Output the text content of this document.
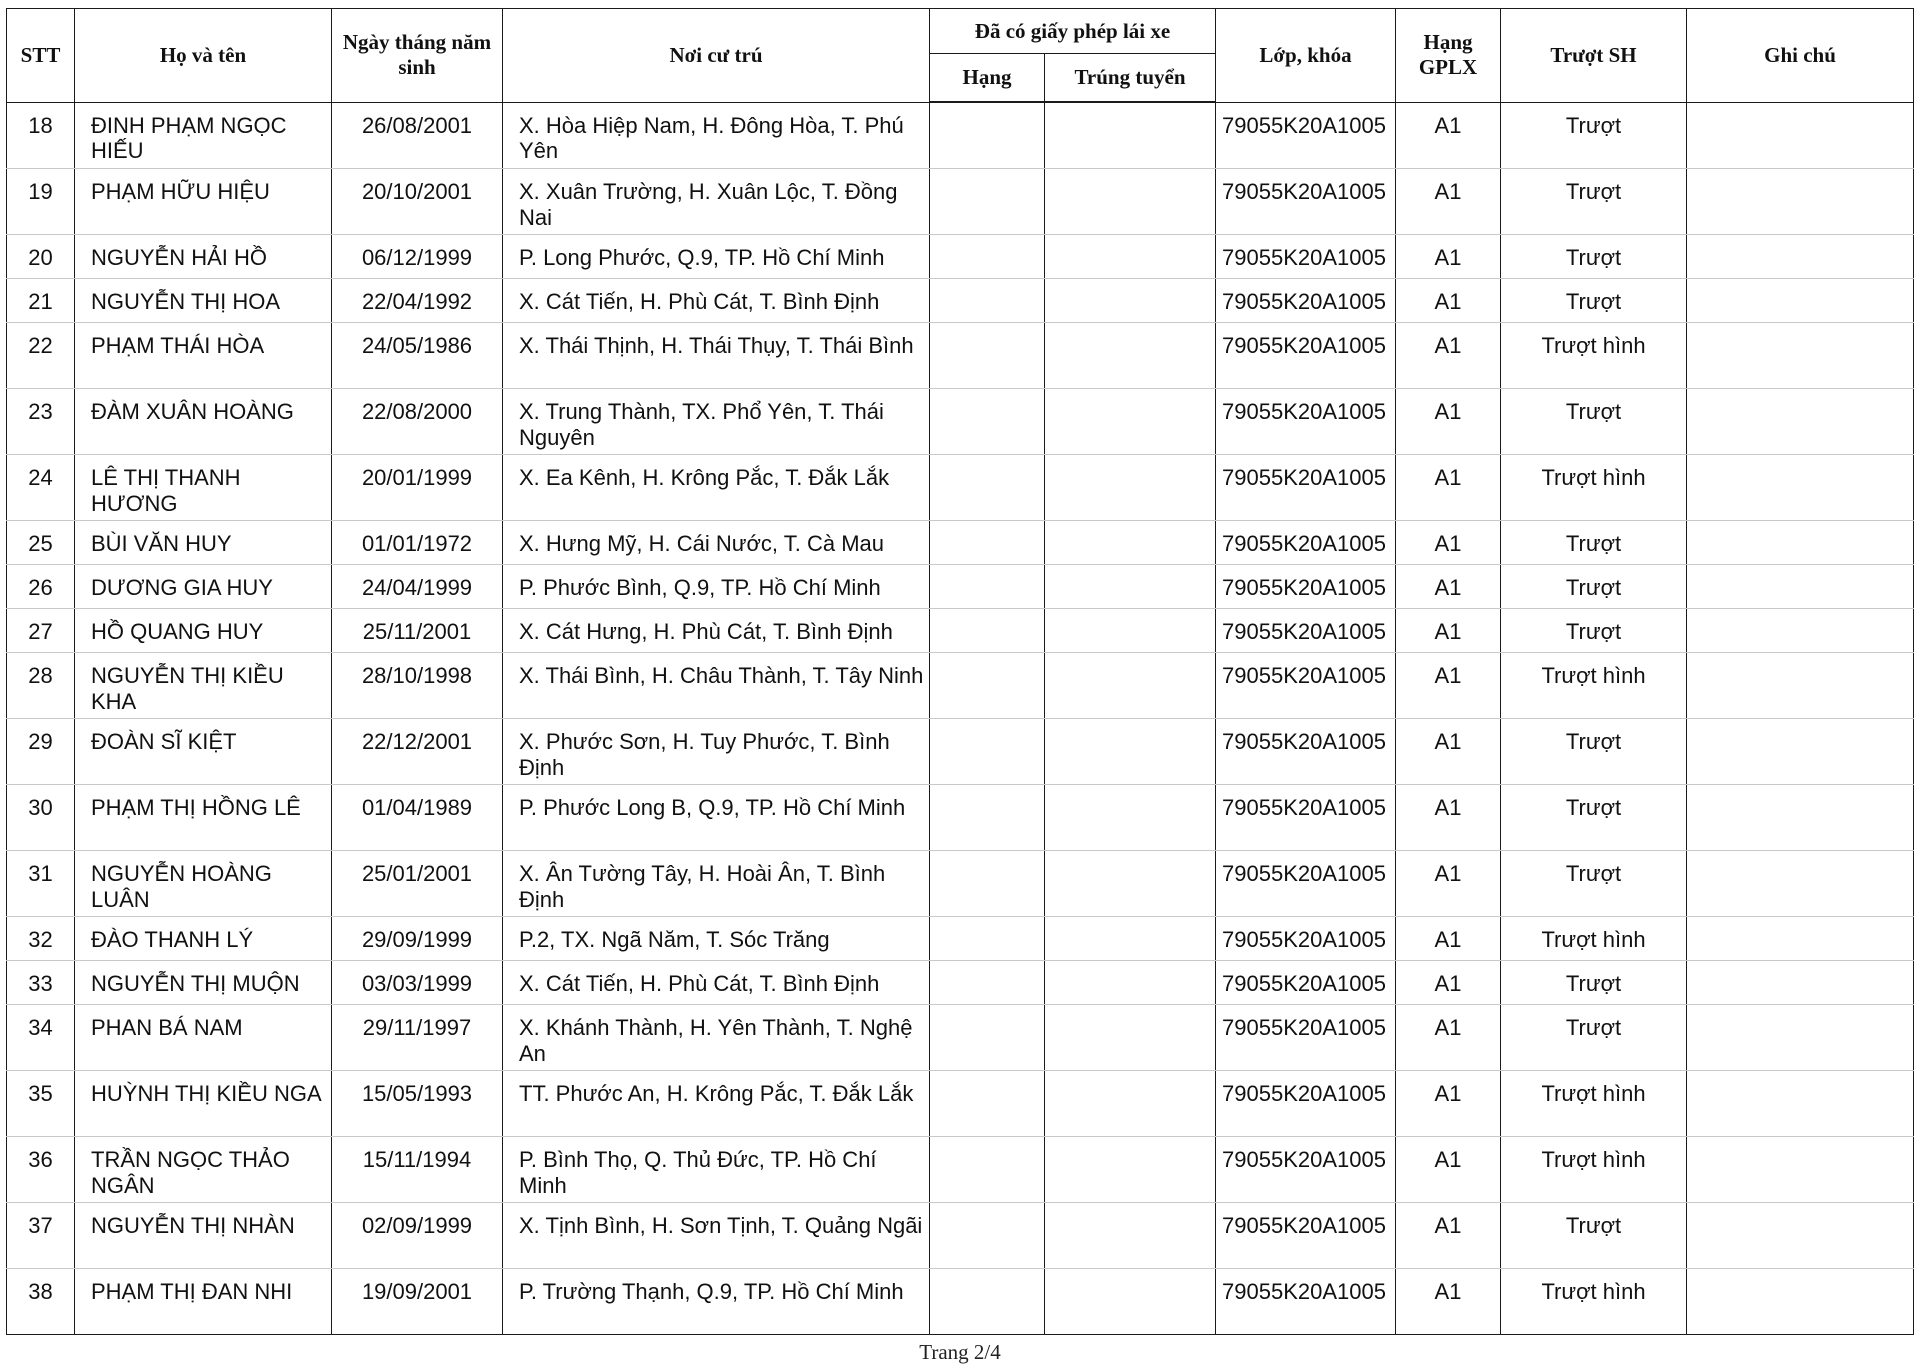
STT	Họ và tên	Ngày tháng năm sinh	Nơi cư trú	Đã có giấy phép lái xe		Lớp, khóa	Hạng GPLX	Trượt SH	Ghi chú
				Hạng	Trúng tuyển				
18	ĐINH PHẠM NGỌC HIẾU	26/08/2001	X. Hòa Hiệp Nam, H. Đông Hòa, T. Phú Yên			79055K20A1005	A1	Trượt	
19	PHẠM HỮU HIỆU	20/10/2001	X. Xuân Trường, H. Xuân Lộc, T. Đồng Nai			79055K20A1005	A1	Trượt	
20	NGUYỄN HẢI HỒ	06/12/1999	P. Long Phước, Q.9, TP. Hồ Chí Minh			79055K20A1005	A1	Trượt	
21	NGUYỄN THỊ HOA	22/04/1992	X. Cát Tiến, H. Phù Cát, T. Bình Định			79055K20A1005	A1	Trượt	
22	PHẠM THÁI HÒA	24/05/1986	X. Thái Thịnh, H. Thái Thụy, T. Thái Bình			79055K20A1005	A1	Trượt hình	
23	ĐÀM XUÂN HOÀNG	22/08/2000	X. Trung Thành, TX. Phổ Yên, T. Thái Nguyên			79055K20A1005	A1	Trượt	
24	LÊ THỊ THANH HƯƠNG	20/01/1999	X. Ea Kênh, H. Krông Pắc, T. Đắk Lắk			79055K20A1005	A1	Trượt hình	
25	BÙI VĂN HUY	01/01/1972	X. Hưng Mỹ, H. Cái Nước, T. Cà Mau			79055K20A1005	A1	Trượt	
26	DƯƠNG GIA HUY	24/04/1999	P. Phước Bình, Q.9, TP. Hồ Chí Minh			79055K20A1005	A1	Trượt	
27	HỒ QUANG HUY	25/11/2001	X. Cát Hưng, H. Phù Cát, T. Bình Định			79055K20A1005	A1	Trượt	
28	NGUYỄN THỊ KIỀU KHA	28/10/1998	X. Thái Bình, H. Châu Thành, T. Tây Ninh			79055K20A1005	A1	Trượt hình	
29	ĐOÀN SĨ KIỆT	22/12/2001	X. Phước Sơn, H. Tuy Phước, T. Bình Định			79055K20A1005	A1	Trượt	
30	PHẠM THỊ HỒNG LÊ	01/04/1989	P. Phước Long B, Q.9, TP. Hồ Chí Minh			79055K20A1005	A1	Trượt	
31	NGUYỄN HOÀNG LUÂN	25/01/2001	X. Ân Tường Tây, H. Hoài Ân, T. Bình Định			79055K20A1005	A1	Trượt	
32	ĐÀO THANH LÝ	29/09/1999	P.2, TX. Ngã Năm, T. Sóc Trăng			79055K20A1005	A1	Trượt hình	
33	NGUYỄN THỊ MUỘN	03/03/1999	X. Cát Tiến, H. Phù Cát, T. Bình Định			79055K20A1005	A1	Trượt	
34	PHAN BÁ NAM	29/11/1997	X. Khánh Thành, H. Yên Thành, T. Nghệ An			79055K20A1005	A1	Trượt	
35	HUỲNH THỊ KIỀU NGA	15/05/1993	TT. Phước An, H. Krông Pắc, T. Đắk Lắk			79055K20A1005	A1	Trượt hình	
36	TRẦN NGỌC THẢO NGÂN	15/11/1994	P. Bình Thọ, Q. Thủ Đức, TP. Hồ Chí Minh			79055K20A1005	A1	Trượt hình	
37	NGUYỄN THỊ NHÀN	02/09/1999	X. Tịnh Bình, H. Sơn Tịnh, T. Quảng Ngãi			79055K20A1005	A1	Trượt	
38	PHẠM THỊ ĐAN NHI	19/09/2001	P. Trường Thạnh, Q.9, TP. Hồ Chí Minh			79055K20A1005	A1	Trượt hình	
Trang 2/4
